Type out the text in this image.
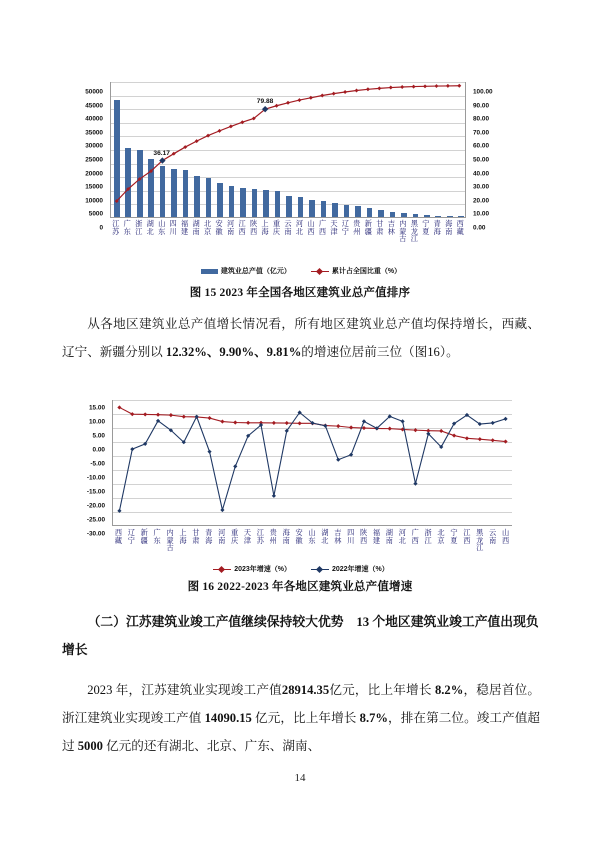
0
5000
10000
15000
20000
25000
30000
35000
40000
45000
50000
0.00
10.00
20.00
30.00
40.00
50.00
60.00
70.00
80.00
90.00
100.00
36.17
79.88
江苏
广东
浙江
湖北
山东
四川
福建
湖南
北京
安徽
河南
江西
陕西
上海
重庆
云南
河北
山西
广西
天津
辽宁
贵州
新疆
甘肃
吉林
内蒙古
黑龙江
宁夏
青海
海南
西藏
建筑业总产值（亿元）	累计占全国比重（%）
图 15 2023 年全国各地区建筑业总产值排序
从各地区建筑业总产值增长情况看，所有地区建筑业总产值均保持增长，西藏、辽宁、新疆分别以 12.32%、9.90%、9.81%的增速位居前三位（图16）。
15.00
10.00
5.00
0.00
-5.00
-10.00
-15.00
-20.00
-25.00
-30.00	西藏
辽宁
新疆
广东
内蒙古
上海
甘肃
青海
河南
重庆
天津
江苏
贵州
海南
安徽
山东
湖北
吉林
四川
陕西
福建
湖南
河北
广西
浙江
北京
宁夏
江西
黑龙江
云南
山西
2023年增速（%）	2022年增速（%）
图 16 2022-2023 年各地区建筑业总产值增速
（二）江苏建筑业竣工产值继续保持较大优势　13 个地区建筑业竣工产值出现负增长
2023 年，江苏建筑业实现竣工产值28914.35亿元，比上年增长 8.2%，稳居首位。浙江建筑业实现竣工产值 14090.15 亿元，比上年增长 8.7%，排在第二位。竣工产值超过 5000 亿元的还有湖北、北京、广东、湖南、
14
